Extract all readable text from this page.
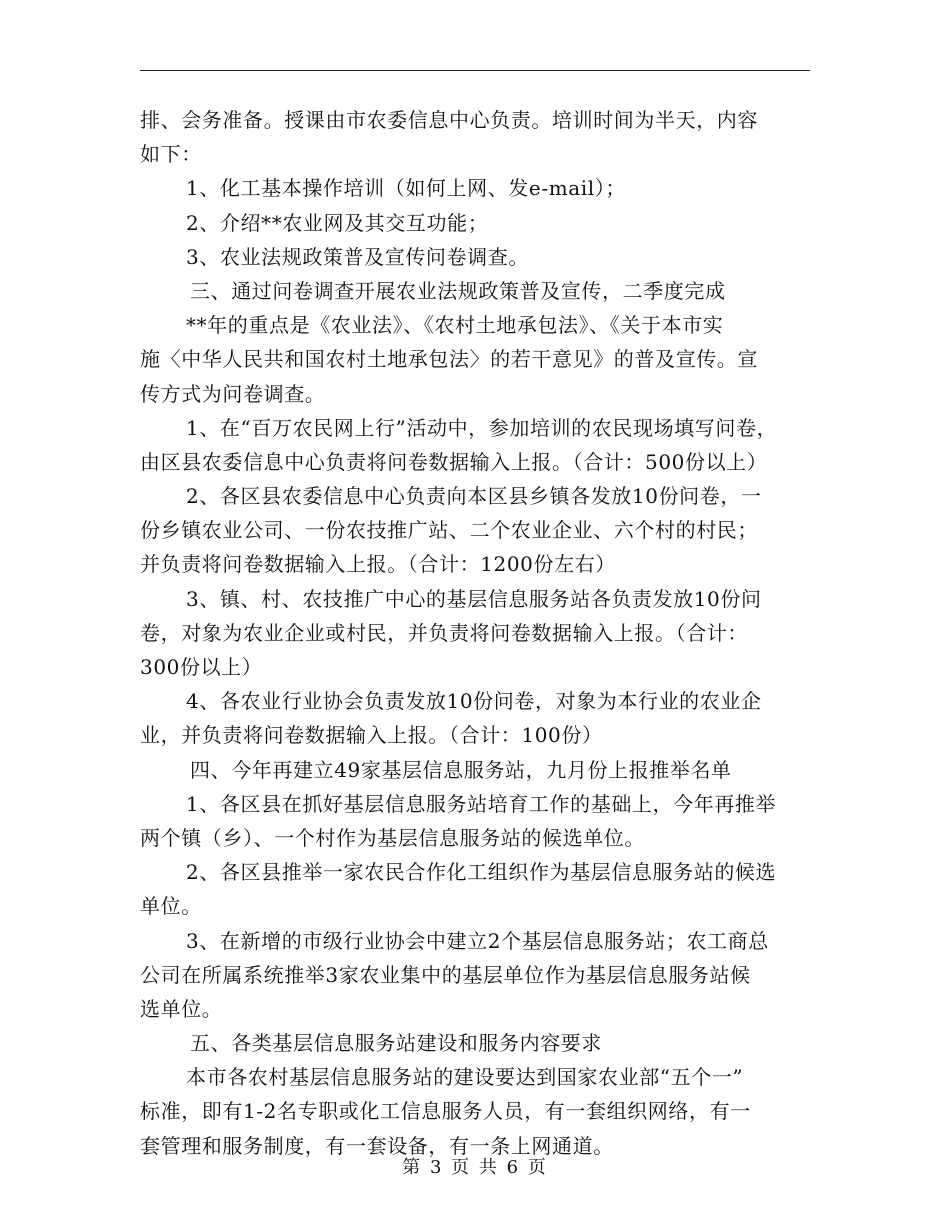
排、会务准备。授课由市农委信息中心负责。培训时间为半天，内容
如下：
1、化工基本操作培训（如何上网、发e-mail）；
2、介绍**农业网及其交互功能；
3、农业法规政策普及宣传问卷调查。
三、通过问卷调查开展农业法规政策普及宣传，二季度完成
**年的重点是《农业法》、《农村土地承包法》、《关于本市实
施〈中华人民共和国农村土地承包法〉的若干意见》的普及宣传。宣
传方式为问卷调查。
1、在“百万农民网上行”活动中，参加培训的农民现场填写问卷，
由区县农委信息中心负责将问卷数据输入上报。（合计：500份以上）
2、各区县农委信息中心负责向本区县乡镇各发放10份问卷，一
份乡镇农业公司、一份农技推广站、二个农业企业、六个村的村民；
并负责将问卷数据输入上报。（合计：1200份左右）
3、镇、村、农技推广中心的基层信息服务站各负责发放10份问
卷，对象为农业企业或村民，并负责将问卷数据输入上报。（合计：
300份以上）
4、各农业行业协会负责发放10份问卷，对象为本行业的农业企
业，并负责将问卷数据输入上报。（合计：100份）
四、今年再建立49家基层信息服务站，九月份上报推举名单
1、各区县在抓好基层信息服务站培育工作的基础上，今年再推举
两个镇（乡）、一个村作为基层信息服务站的候选单位。
2、各区县推举一家农民合作化工组织作为基层信息服务站的候选
单位。
3、在新增的市级行业协会中建立2个基层信息服务站；农工商总
公司在所属系统推举3家农业集中的基层单位作为基层信息服务站候
选单位。
五、各类基层信息服务站建设和服务内容要求
本市各农村基层信息服务站的建设要达到国家农业部“五个一”
标准，即有1-2名专职或化工信息服务人员，有一套组织网络，有一
套管理和服务制度，有一套设备，有一条上网通道。
第 3 页 共 6 页
